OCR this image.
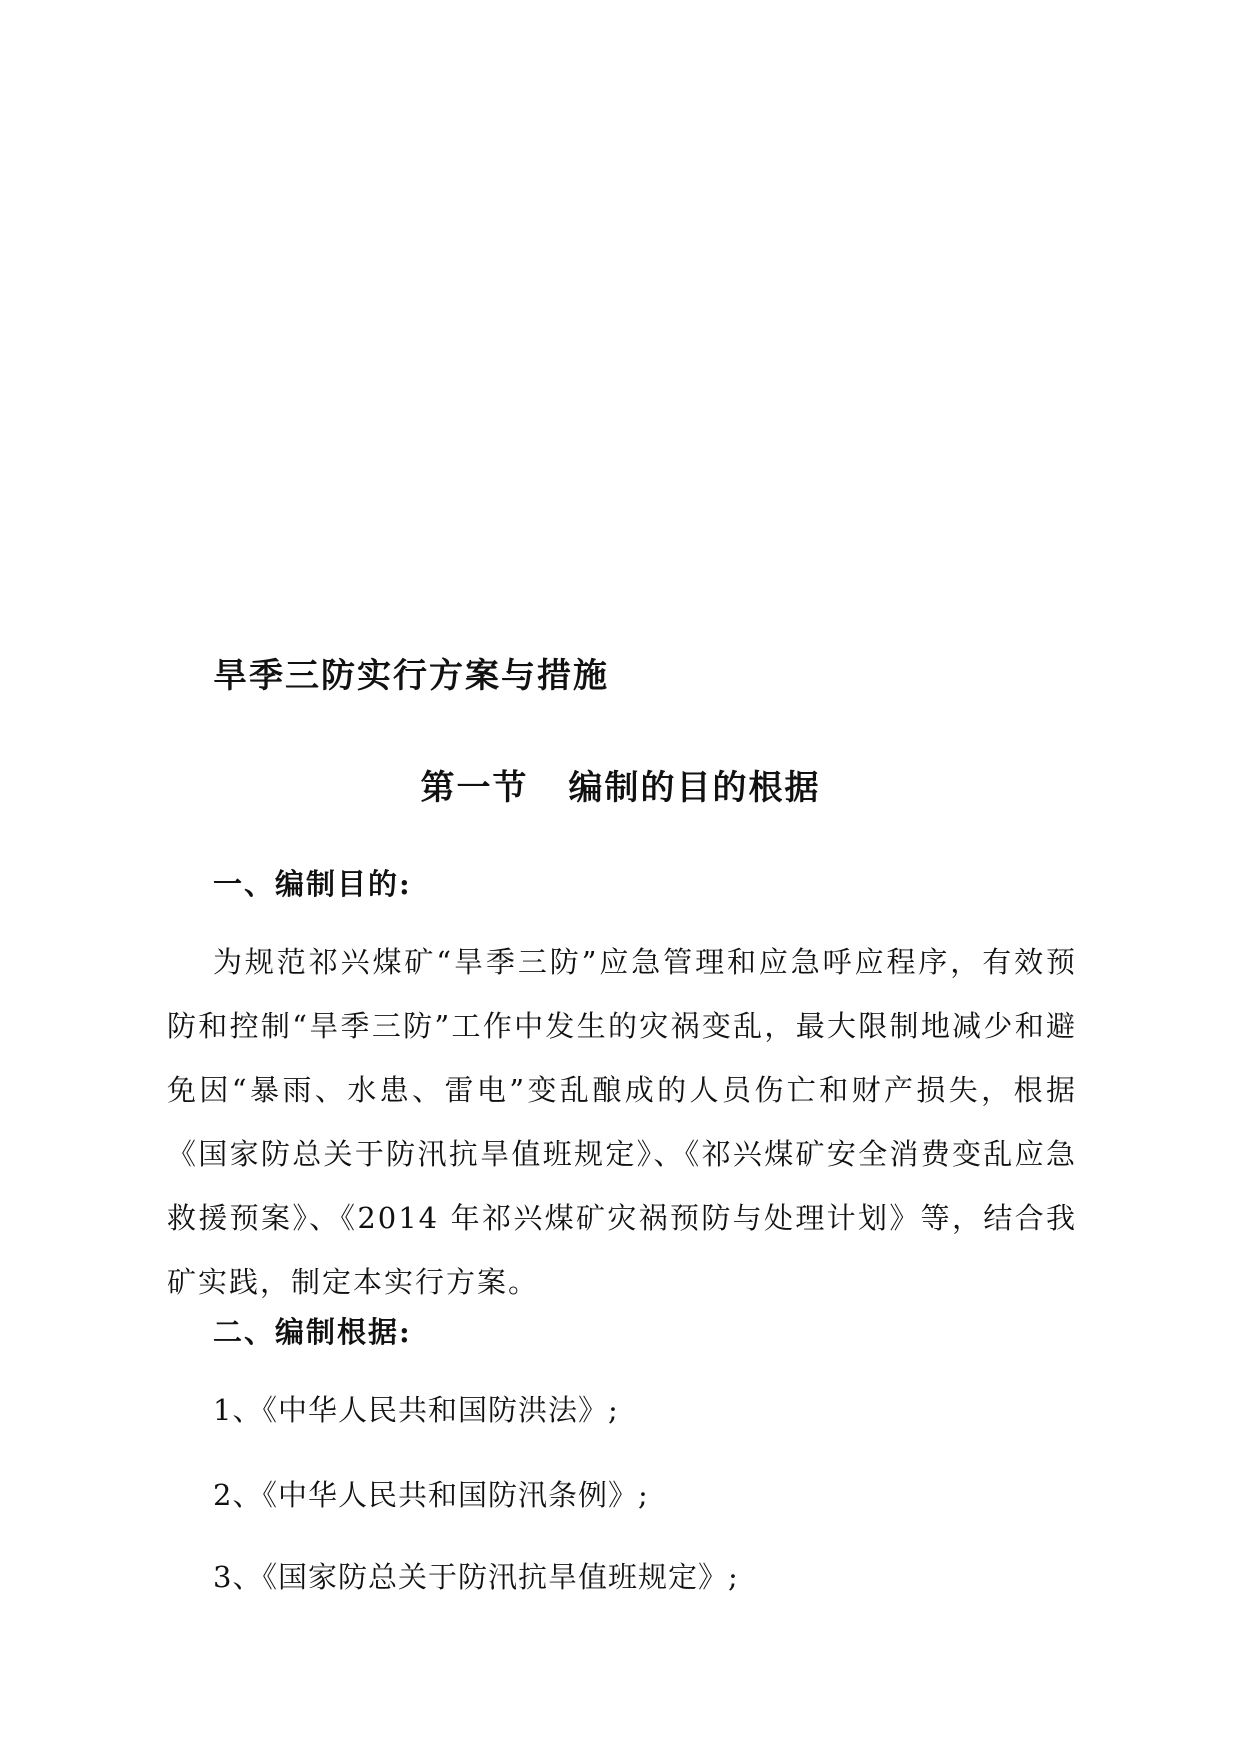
旱季三防实行方案与措施
第一节 编制的目的根据
一、编制目的:

为规范祁兴煤矿“旱季三防”应急管理和应急呼应程序，有效预防和控制“旱季三防”工作中发生的灾祸变乱，最大限制地减少和避免因“暴雨、水患、雷电”变乱酿成的人员伤亡和财产损失，根据《国家防总关于防汛抗旱值班规定》、《祁兴煤矿安全消费变乱应急救援预案》、《2014 年祁兴煤矿灾祸预防与处理计划》等，结合我矿实践，制定本实行方案。

二、编制根据:

1、《中华人民共和国防洪法》;

2、《中华人民共和国防汛条例》;

3、《国家防总关于防汛抗旱值班规定》;
